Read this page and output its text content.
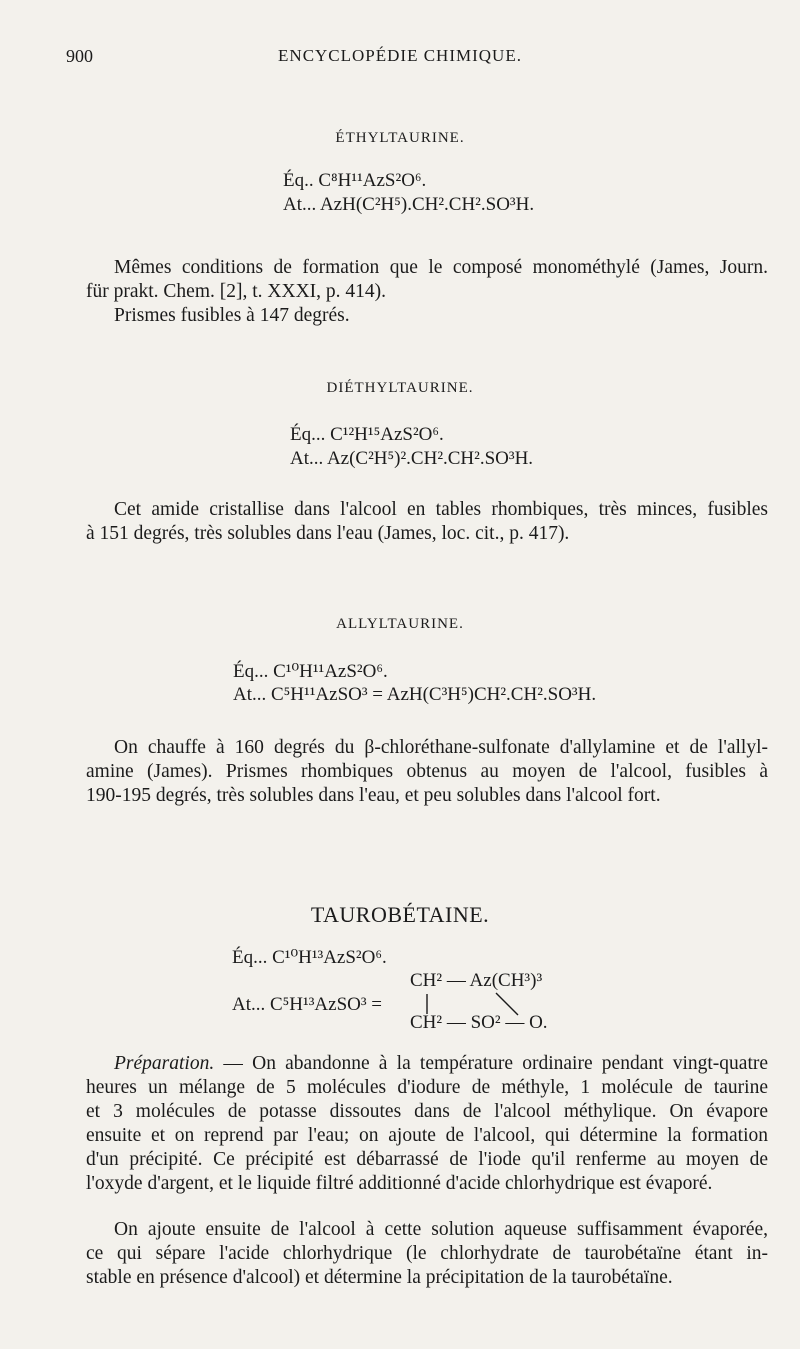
900	ENCYCLOPÉDIE CHIMIQUE.
ÉTHYLTAURINE.
Éq.. C⁸H¹¹AzS²O⁶.
At... AzH(C²H⁵).CH².CH².SO³H.
Mêmes conditions de formation que le composé monométhylé (James, Journ.
für prakt. Chem. [2], t. XXXI, p. 414).
Prismes fusibles à 147 degrés.
DIÉTHYLTAURINE.
Éq... C¹²H¹⁵AzS²O⁶.
At... Az(C²H⁵)².CH².CH².SO³H.
Cet amide cristallise dans l'alcool en tables rhombiques, très minces, fusibles
à 151 degrés, très solubles dans l'eau (James, loc. cit., p. 417).
ALLYLTAURINE.
Éq... C¹⁰H¹¹AzS²O⁶.
At... C⁵H¹¹AzSO³ = AzH(C³H⁵)CH².CH².SO³H.
On chauffe à 160 degrés du β-chloréthane-sulfonate d'allylamine et de l'allyl-
amine (James). Prismes rhombiques obtenus au moyen de l'alcool, fusibles à
190-195 degrés, très solubles dans l'eau, et peu solubles dans l'alcool fort.
TAUROBÉTAINE.
Éq... C¹⁰H¹³AzS²O⁶.
CH² — Az(CH³)³
At... C⁵H¹³AzSO³ =
CH² — SO² — O.
Préparation. — On abandonne à la température ordinaire pendant vingt-quatre
heures un mélange de 5 molécules d'iodure de méthyle, 1 molécule de taurine
et 3 molécules de potasse dissoutes dans de l'alcool méthylique. On évapore
ensuite et on reprend par l'eau; on ajoute de l'alcool, qui détermine la formation
d'un précipité. Ce précipité est débarrassé de l'iode qu'il renferme au moyen de
l'oxyde d'argent, et le liquide filtré additionné d'acide chlorhydrique est évaporé.
On ajoute ensuite de l'alcool à cette solution aqueuse suffisamment évaporée,
ce qui sépare l'acide chlorhydrique (le chlorhydrate de taurobétaïne étant in-
stable en présence d'alcool) et détermine la précipitation de la taurobétaïne.
